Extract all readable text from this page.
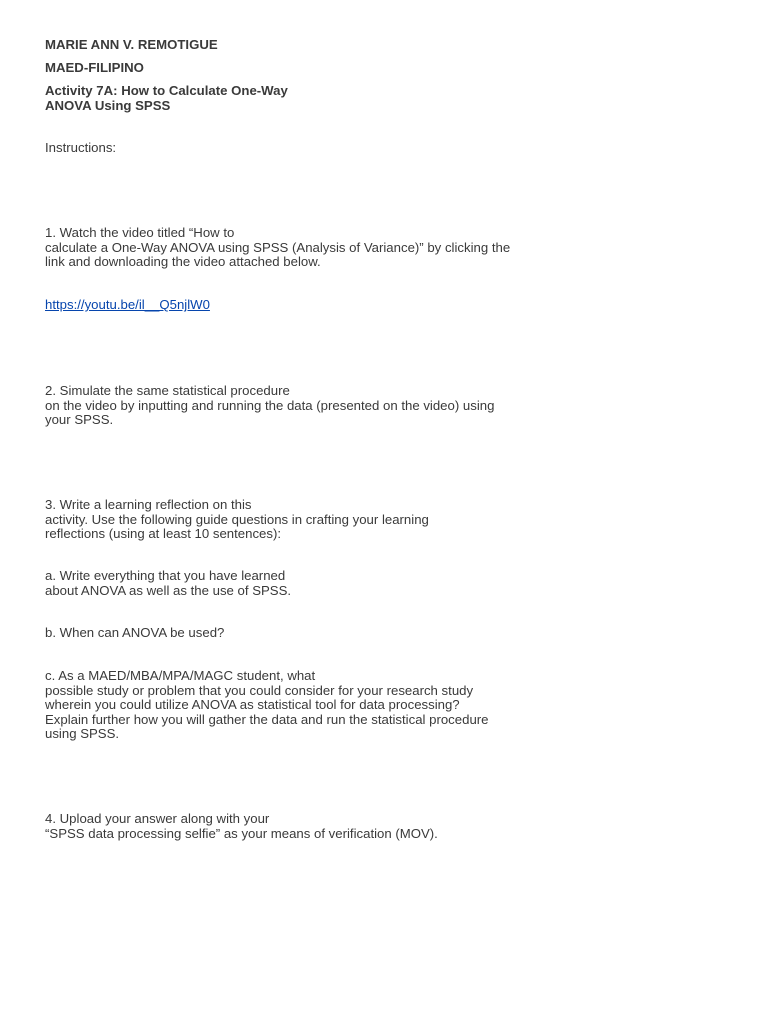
MARIE ANN V. REMOTIGUE
MAED-FILIPINO
Activity 7A: How to Calculate One-Way
ANOVA Using SPSS
Instructions:
1. Watch the video titled “How to
calculate a One-Way ANOVA using SPSS (Analysis of Variance)” by clicking the
link and downloading the video attached below.
https://youtu.be/il__Q5njlW0
2. Simulate the same statistical procedure
on the video by inputting and running the data (presented on the video) using
your SPSS.
3. Write a learning reflection on this
activity. Use the following guide questions in crafting your learning
reflections (using at least 10 sentences):
a. Write everything that you have learned
about ANOVA as well as the use of SPSS.
b. When can ANOVA be used?
c. As a MAED/MBA/MPA/MAGC student, what
possible study or problem that you could consider for your research study
wherein you could utilize ANOVA as statistical tool for data processing?
Explain further how you will gather the data and run the statistical procedure
using SPSS.
4. Upload your answer along with your
“SPSS data processing selfie” as your means of verification (MOV).
